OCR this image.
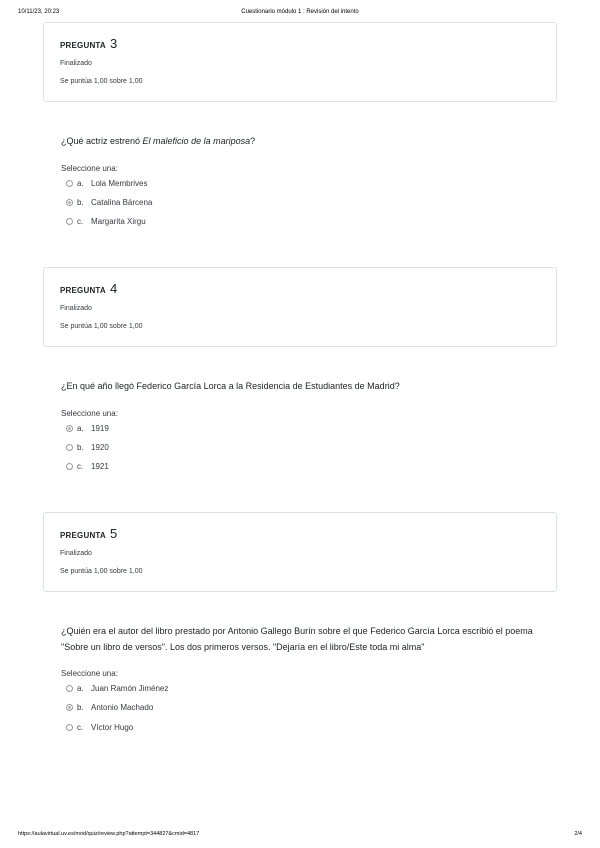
10/11/23, 20:23	Cuestionario módulo 1 : Revisión del intento
PREGUNTA 3
Finalizado
Se puntúa 1,00 sobre 1,00
¿Qué actriz estrenó El maleficio de la mariposa?
Seleccione una:
a. Lola Membrives
b. Catalina Bárcena
c. Margarita Xirgu
PREGUNTA 4
Finalizado
Se puntúa 1,00 sobre 1,00
¿En qué año llegó Federico García Lorca a la Residencia de Estudiantes de Madrid?
Seleccione una:
a. 1919
b. 1920
c. 1921
PREGUNTA 5
Finalizado
Se puntúa 1,00 sobre 1,00
¿Quién era el autor del libro prestado por Antonio Gallego Burín sobre el que Federico García Lorca escribió el poema "Sobre un libro de versos". Los dos primeros versos. "Dejaría en el libro/Este toda mi alma"
Seleccione una:
a. Juan Ramón Jiménez
b. Antonio Machado
c. Víctor Hugo
https://aulavirtual.uv.es/mod/quiz/review.php?attempt=344827&cmid=4817	2/4
